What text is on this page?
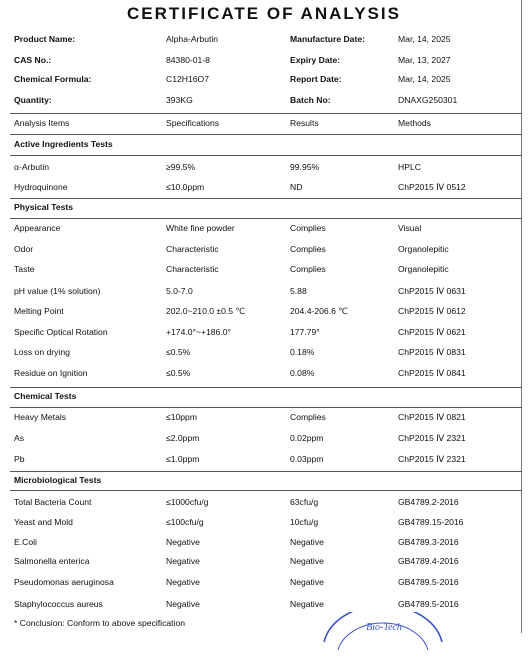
CERTIFICATE OF ANALYSIS
Product Name:	Alpha-Arbutin	Manufacture Date:	Mar, 14, 2025
CAS No.:	84380-01-8	Expiry Date:	Mar, 13, 2027
Chemical Formula:	C12H16O7	Report Date:	Mar, 14, 2025
Quantity:	393KG	Batch No:	DNAXG250301
Analysis Items	Specifications	Results	Methods
Active Ingredients Tests
α-Arbutin	≥99.5%	99.95%	HPLC
Hydroquinone	≤10.0ppm	ND	ChP2015 Ⅳ 0512
Physical Tests
Appearance	White fine powder	Complies	Visual
Odor	Characteristic	Complies	Organolepitic
Taste	Characteristic	Complies	Organolepitic
pH value (1% solution)	5.0-7.0	5.88	ChP2015 Ⅳ 0631
Melting Point	202.0~210.0 ±0.5 ℃	204.4-206.6 ℃	ChP2015 Ⅳ 0612
Specific Optical Rotation	+174.0°~+186.0°	177.79°	ChP2015 Ⅳ 0621
Loss on drying	≤0.5%	0.18%	ChP2015 Ⅳ 0831
Residue on Ignition	≤0.5%	0.08%	ChP2015 Ⅳ 0841
Chemical Tests
Heavy Metals	≤10ppm	Complies	ChP2015 Ⅳ 0821
As	≤2.0ppm	0.02ppm	ChP2015 Ⅳ 2321
Pb	≤1.0ppm	0.03ppm	ChP2015 Ⅳ 2321
Microbiological Tests
Total Bacteria Count	≤1000cfu/g	63cfu/g	GB4789.2-2016
Yeast and Mold	≤100cfu/g	10cfu/g	GB4789.15-2016
E.Coli	Negative	Negative	GB4789.3-2016
Salmonella enterica	Negative	Negative	GB4789.4-2016
Pseudomonas aeruginosa	Negative	Negative	GB4789.5-2016
Staphylococcus aureus	Negative	Negative	GB4789.5-2016
* Conclusion: Conform to above specification	Bio-Tech
